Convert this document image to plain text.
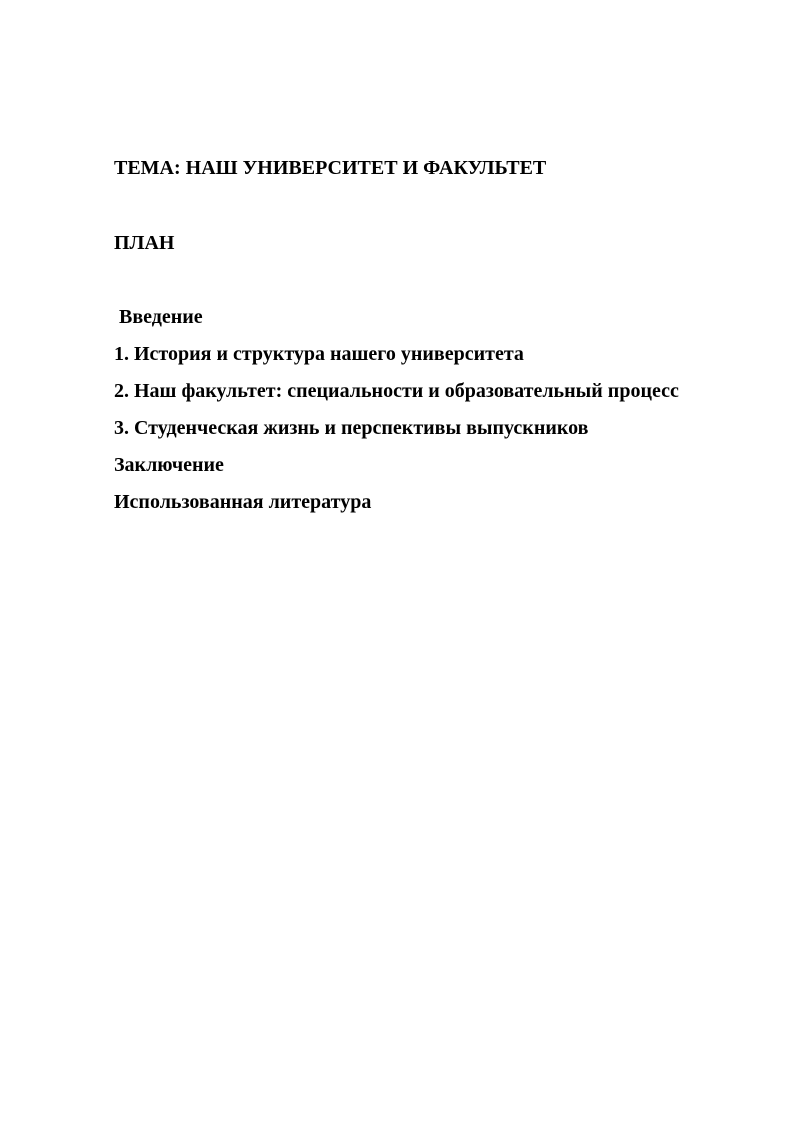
ТЕМА: НАШ УНИВЕРСИТЕТ И ФАКУЛЬТЕТ
ПЛАН
Введение
1. История и структура нашего университета
2. Наш факультет: специальности и образовательный процесс
3. Студенческая жизнь и перспективы выпускников
Заключение
Использованная литература
